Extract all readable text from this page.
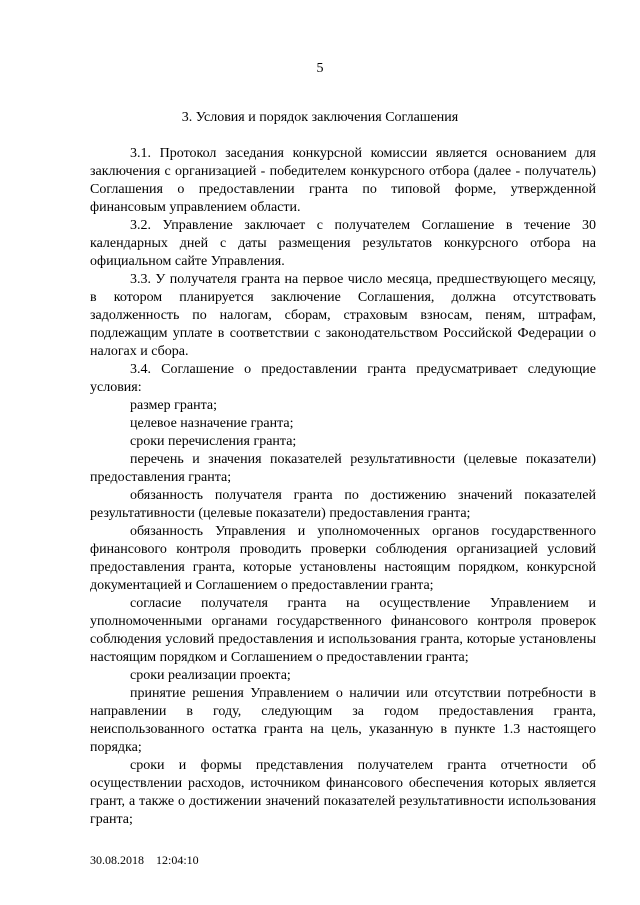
5
3. Условия и порядок заключения Соглашения

3.1. Протокол заседания конкурсной комиссии является основанием для заключения с организацией - победителем конкурсного отбора (далее - получатель) Соглашения о предоставлении гранта по типовой форме, утвержденной финансовым управлением области.

3.2. Управление заключает с получателем Соглашение в течение 30 календарных дней с даты размещения результатов конкурсного отбора на официальном сайте Управления.

3.3. У получателя гранта на первое число месяца, предшествующего месяцу, в котором планируется заключение Соглашения, должна отсутствовать задолженность по налогам, сборам, страховым взносам, пеням, штрафам, подлежащим уплате в соответствии с законодательством Российской Федерации о налогах и сбора.

3.4. Соглашение о предоставлении гранта предусматривает следующие условия:

размер гранта;

целевое назначение гранта;

сроки перечисления гранта;

перечень и значения показателей результативности (целевые показатели) предоставления гранта;

обязанность получателя гранта по достижению значений показателей результативности (целевые показатели) предоставления гранта;

обязанность Управления и уполномоченных органов государственного финансового контроля проводить проверки соблюдения организацией условий предоставления гранта, которые установлены настоящим порядком, конкурсной документацией и Соглашением о предоставлении гранта;

согласие получателя гранта на осуществление Управлением и уполномоченными органами государственного финансового контроля проверок соблюдения условий предоставления и использования гранта, которые установлены настоящим порядком и Соглашением о предоставлении гранта;

сроки реализации проекта;

принятие решения Управлением о наличии или отсутствии потребности в направлении в году, следующим за годом предоставления гранта, неиспользованного остатка гранта на цель, указанную в пункте 1.3 настоящего порядка;

сроки и формы представления получателем гранта отчетности об осуществлении расходов, источником финансового обеспечения которых является грант, а также о достижении значений показателей результативности использования гранта;

30.08.2018 12:04:10
